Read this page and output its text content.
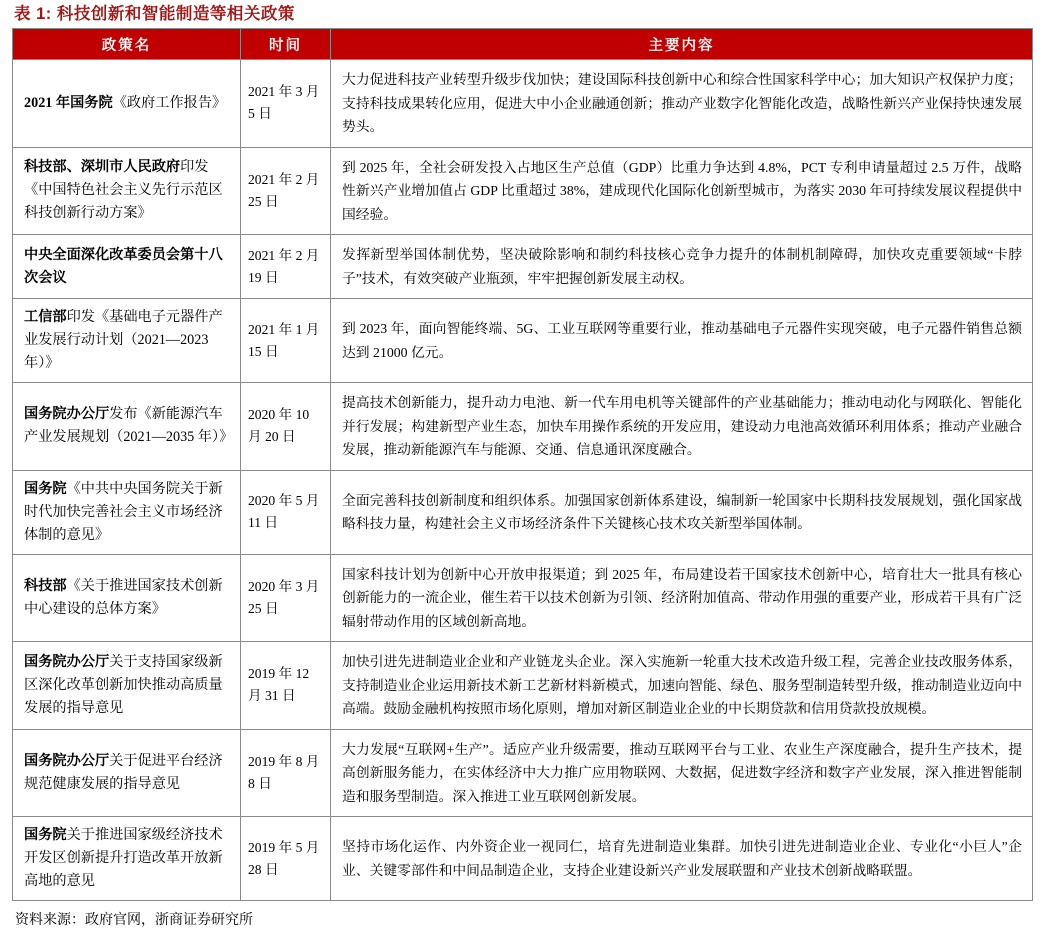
表 1: 科技创新和智能制造等相关政策
政策名	时间	主要内容
2021 年国务院《政府工作报告》	2021 年 3 月 5 日	大力促进科技产业转型升级步伐加快；建设国际科技创新中心和综合性国家科学中心；加大知识产权保护力度；支持科技成果转化应用，促进大中小企业融通创新；推动产业数字化智能化改造，战略性新兴产业保持快速发展势头。
科技部、深圳市人民政府印发《中国特色社会主义先行示范区科技创新行动方案》	2021 年 2 月 25 日	到 2025 年，全社会研发投入占地区生产总值（GDP）比重力争达到 4.8%，PCT 专利申请量超过 2.5 万件，战略性新兴产业增加值占 GDP 比重超过 38%，建成现代化国际化创新型城市，为落实 2030 年可持续发展议程提供中国经验。
中央全面深化改革委员会第十八次会议	2021 年 2 月 19 日	发挥新型举国体制优势，坚决破除影响和制约科技核心竞争力提升的体制机制障碍，加快攻克重要领域“卡脖子”技术，有效突破产业瓶颈，牢牢把握创新发展主动权。
工信部印发《基础电子元器件产业发展行动计划（2021—2023 年）》	2021 年 1 月 15 日	到 2023 年，面向智能终端、5G、工业互联网等重要行业，推动基础电子元器件实现突破，电子元器件销售总额达到 21000 亿元。
国务院办公厅发布《新能源汽车产业发展规划（2021—2035 年）》	2020 年 10 月 20 日	提高技术创新能力，提升动力电池、新一代车用电机等关键部件的产业基础能力；推动电动化与网联化、智能化并行发展；构建新型产业生态，加快车用操作系统的开发应用，建设动力电池高效循环利用体系；推动产业融合发展，推动新能源汽车与能源、交通、信息通讯深度融合。
国务院《中共中央国务院关于新时代加快完善社会主义市场经济体制的意见》	2020 年 5 月 11 日	全面完善科技创新制度和组织体系。加强国家创新体系建设，编制新一轮国家中长期科技发展规划，强化国家战略科技力量，构建社会主义市场经济条件下关键核心技术攻关新型举国体制。
科技部《关于推进国家技术创新中心建设的总体方案》	2020 年 3 月 25 日	国家科技计划为创新中心开放申报渠道；到 2025 年，布局建设若干国家技术创新中心，培育壮大一批具有核心创新能力的一流企业，催生若干以技术创新为引领、经济附加值高、带动作用强的重要产业，形成若干具有广泛辐射带动作用的区域创新高地。
国务院办公厅关于支持国家级新区深化改革创新加快推动高质量发展的指导意见	2019 年 12 月 31 日	加快引进先进制造业企业和产业链龙头企业。深入实施新一轮重大技术改造升级工程，完善企业技改服务体系，支持制造业企业运用新技术新工艺新材料新模式，加速向智能、绿色、服务型制造转型升级，推动制造业迈向中高端。鼓励金融机构按照市场化原则，增加对新区制造业企业的中长期贷款和信用贷款投放规模。
国务院办公厅关于促进平台经济规范健康发展的指导意见	2019 年 8 月 8 日	大力发展“互联网+生产”。适应产业升级需要，推动互联网平台与工业、农业生产深度融合，提升生产技术，提高创新服务能力，在实体经济中大力推广应用物联网、大数据，促进数字经济和数字产业发展，深入推进智能制造和服务型制造。深入推进工业互联网创新发展。
国务院关于推进国家级经济技术开发区创新提升打造改革开放新高地的意见	2019 年 5 月 28 日	坚持市场化运作、内外资企业一视同仁，培育先进制造业集群。加快引进先进制造业企业、专业化“小巨人”企业、关键零部件和中间品制造企业，支持企业建设新兴产业发展联盟和产业技术创新战略联盟。
资料来源：政府官网，浙商证券研究所
